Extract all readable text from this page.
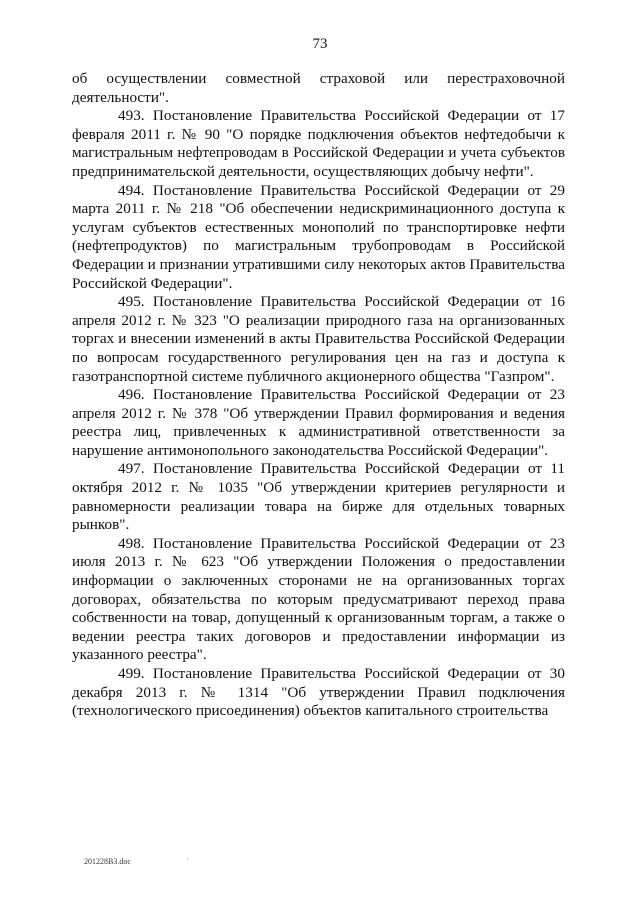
73

об осуществлении совместной страховой или перестраховочной деятельности".

493. Постановление Правительства Российской Федерации от 17 февраля 2011 г. № 90 "О порядке подключения объектов нефтедобычи к магистральным нефтепроводам в Российской Федерации и учета субъектов предпринимательской деятельности, осуществляющих добычу нефти".

494. Постановление Правительства Российской Федерации от 29 марта 2011 г. № 218 "Об обеспечении недискриминационного доступа к услугам субъектов естественных монополий по транспортировке нефти (нефтепродуктов) по магистральным трубопроводам в Российской Федерации и признании утратившими силу некоторых актов Правительства Российской Федерации".

495. Постановление Правительства Российской Федерации от 16 апреля 2012 г. № 323 "О реализации природного газа на организованных торгах и внесении изменений в акты Правительства Российской Федерации по вопросам государственного регулирования цен на газ и доступа к газотранспортной системе публичного акционерного общества "Газпром".

496. Постановление Правительства Российской Федерации от 23 апреля 2012 г. № 378 "Об утверждении Правил формирования и ведения реестра лиц, привлеченных к административной ответственности за нарушение антимонопольного законодательства Российской Федерации".

497. Постановление Правительства Российской Федерации от 11 октября 2012 г. № 1035 "Об утверждении критериев регулярности и равномерности реализации товара на бирже для отдельных товарных рынков".

498. Постановление Правительства Российской Федерации от 23 июля 2013 г. № 623 "Об утверждении Положения о предоставлении информации о заключенных сторонами не на организованных торгах договорах, обязательства по которым предусматривают переход права собственности на товар, допущенный к организованным торгам, а также о ведении реестра таких договоров и предоставлении информации из указанного реестра".

499. Постановление Правительства Российской Федерации от 30 декабря 2013 г. № 1314 "Об утверждении Правил подключения (технологического присоединения) объектов капитального строительства

201228В3.doc	·
